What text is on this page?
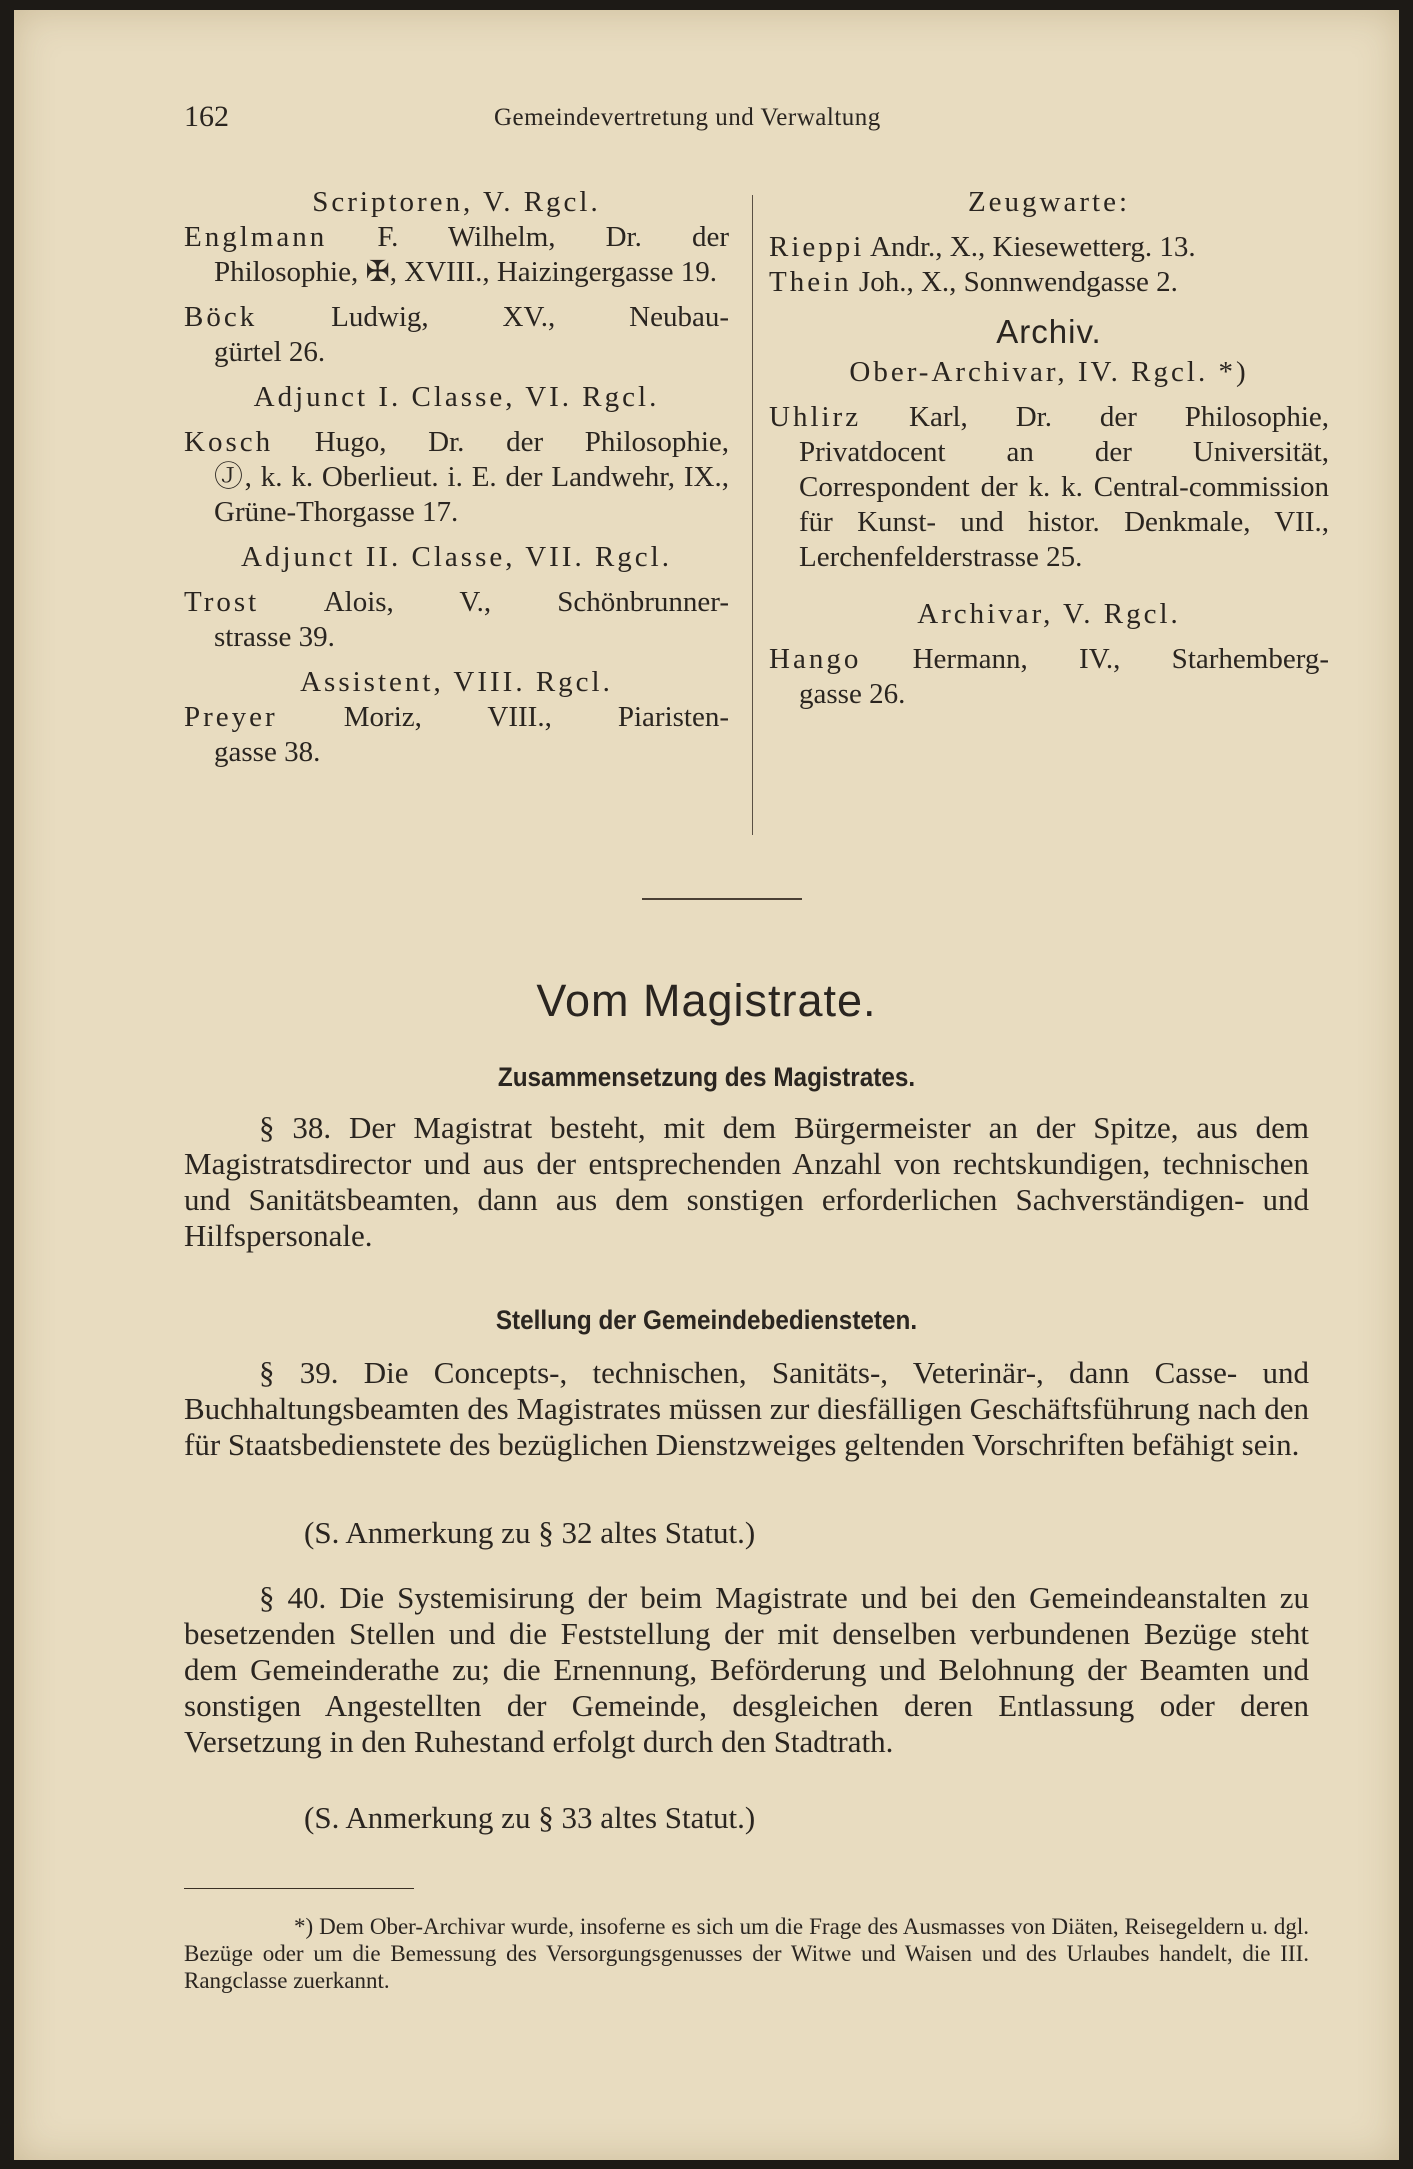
162	Gemeindevertretung und Verwaltung
Scriptoren, V. Rgcl.
Englmann F. Wilhelm, Dr. der
Philosophie, ✠, XVIII., Haizingergasse 19.
Böck	Ludwig, XV., Neubau-
gürtel 26.
Adjunct I. Classe, VI. Rgcl.
Kosch Hugo, Dr. der Philosophie,
Ⓙ, k. k. Oberlieut. i. E. der Landwehr, IX., Grüne-Thorgasse 17.
Adjunct II. Classe, VII. Rgcl.
Trost Alois, V., Schönbrunner-
strasse 39.
Assistent, VIII. Rgcl.
Preyer Moriz, VIII., Piaristen-
gasse 38.
Zeugwarte:
Rieppi Andr., X., Kiesewetterg. 13.
Thein Joh., X., Sonnwendgasse 2.
Archiv.
Ober-Archivar, IV. Rgcl. *)
Uhlirz Karl, Dr. der Philosophie,
Privatdocent an der Universität, Correspondent der k. k. Central-commission für Kunst- und histor. Denkmale, VII., Lerchenfelderstrasse 25.
Archivar, V. Rgcl.
Hango Hermann, IV., Starhemberg-
gasse 26.
Vom Magistrate.
Zusammensetzung des Magistrates.
§ 38. Der Magistrat besteht, mit dem Bürgermeister an der Spitze, aus dem Magistratsdirector und aus der entsprechenden Anzahl von rechtskundigen, technischen und Sanitätsbeamten, dann aus dem sonstigen erforderlichen Sachverständigen- und Hilfspersonale.
Stellung der Gemeindebediensteten.
§ 39. Die Concepts-, technischen, Sanitäts-, Veterinär-, dann Casse- und Buchhaltungsbeamten des Magistrates müssen zur diesfälligen Geschäftsführung nach den für Staatsbedienstete des bezüglichen Dienstzweiges geltenden Vorschriften befähigt sein.
(S. Anmerkung zu § 32 altes Statut.)
§ 40. Die Systemisirung der beim Magistrate und bei den Gemeindeanstalten zu besetzenden Stellen und die Feststellung der mit denselben verbundenen Bezüge steht dem Gemeinderathe zu; die Ernennung, Beförderung und Belohnung der Beamten und sonstigen Angestellten der Gemeinde, desgleichen deren Entlassung oder deren Versetzung in den Ruhestand erfolgt durch den Stadtrath.
(S. Anmerkung zu § 33 altes Statut.)
*) Dem Ober-Archivar wurde, insoferne es sich um die Frage des Ausmasses von Diäten, Reisegeldern u. dgl. Bezüge oder um die Bemessung des Versorgungsgenusses der Witwe und Waisen und des Urlaubes handelt, die III. Rangclasse zuerkannt.
